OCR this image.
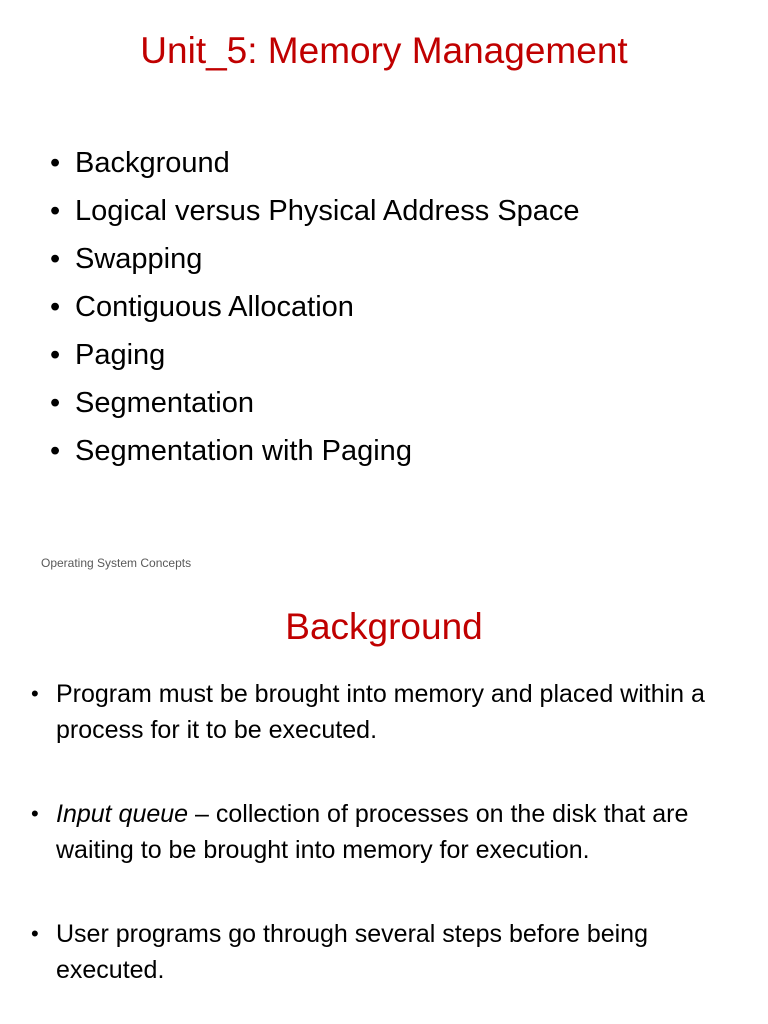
Unit_5: Memory Management
• Background
• Logical versus Physical Address Space
• Swapping
• Contiguous Allocation
• Paging
• Segmentation
• Segmentation with Paging
Operating System Concepts
Background
• Program must be brought into memory and placed within a process for it to be executed.
• Input queue – collection of processes on the disk that are waiting to be brought into memory for execution.
• User programs go through several steps before being executed.
